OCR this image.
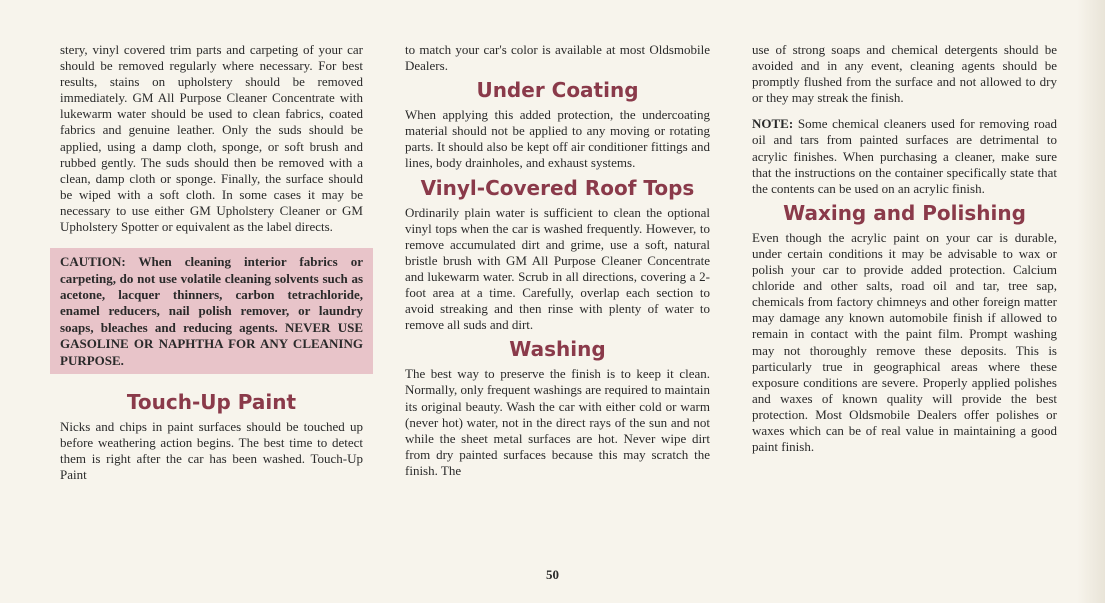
stery, vinyl covered trim parts and carpeting of your car should be removed regularly where necessary. For best results, stains on upholstery should be removed immediately. GM All Purpose Cleaner Concentrate with lukewarm water should be used to clean fabrics, coated fabrics and genuine leather. Only the suds should be applied, using a damp cloth, sponge, or soft brush and rubbed gently. The suds should then be removed with a clean, damp cloth or sponge. Finally, the surface should be wiped with a soft cloth. In some cases it may be necessary to use either GM Upholstery Cleaner or GM Upholstery Spotter or equivalent as the label directs.

CAUTION: When cleaning interior fabrics or carpeting, do not use volatile cleaning solvents such as acetone, lacquer thinners, carbon tetrachloride, enamel reducers, nail polish remover, or laundry soaps, bleaches and reducing agents. NEVER USE GASOLINE OR NAPHTHA FOR ANY CLEANING PURPOSE.
Touch-Up Paint

Nicks and chips in paint surfaces should be touched up before weathering action begins. The best time to detect them is right after the car has been washed. Touch-Up Paint

to match your car's color is available at most Oldsmobile Dealers.

Under Coating

When applying this added protection, the undercoating material should not be applied to any moving or rotating parts. It should also be kept off air conditioner fittings and lines, body drainholes, and exhaust systems.

Vinyl-Covered Roof Tops

Ordinarily plain water is sufficient to clean the optional vinyl tops when the car is washed frequently. However, to remove accumulated dirt and grime, use a soft, natural bristle brush with GM All Purpose Cleaner Concentrate and lukewarm water. Scrub in all directions, covering a 2-foot area at a time. Carefully, overlap each section to avoid streaking and then rinse with plenty of water to remove all suds and dirt.

Washing

The best way to preserve the finish is to keep it clean. Normally, only frequent washings are required to maintain its original beauty. Wash the car with either cold or warm (never hot) water, not in the direct rays of the sun and not while the sheet metal surfaces are hot. Never wipe dirt from dry painted surfaces because this may scratch the finish. The

use of strong soaps and chemical detergents should be avoided and in any event, cleaning agents should be promptly flushed from the surface and not allowed to dry or they may streak the finish.

NOTE: Some chemical cleaners used for removing road oil and tars from painted surfaces are detrimental to acrylic finishes. When purchasing a cleaner, make sure that the instructions on the container specifically state that the contents can be used on an acrylic finish.

Waxing and Polishing

Even though the acrylic paint on your car is durable, under certain conditions it may be advisable to wax or polish your car to provide added protection. Calcium chloride and other salts, road oil and tar, tree sap, chemicals from factory chimneys and other foreign matter may damage any known automobile finish if allowed to remain in contact with the paint film. Prompt washing may not thoroughly remove these deposits. This is particularly true in geographical areas where these exposure conditions are severe. Properly applied polishes and waxes of known quality will provide the best protection. Most Oldsmobile Dealers offer polishes or waxes which can be of real value in maintaining a good paint finish.

50
